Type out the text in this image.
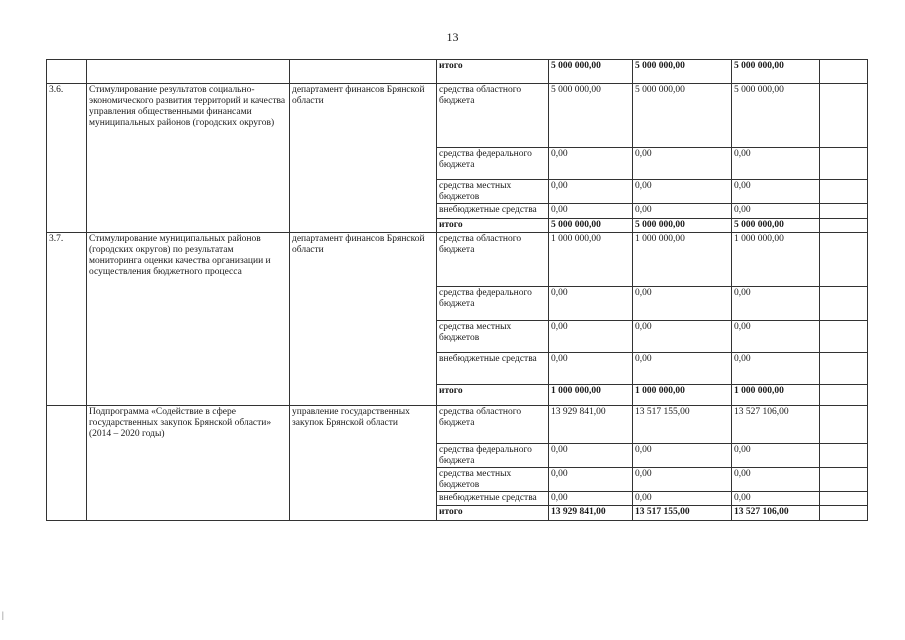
13
			итого	5 000 000,00	5 000 000,00	5 000 000,00	
3.6.	Стимулирование результатов социально-экономического развития территорий и качества управления общественными финансами муниципальных районов (городских округов)	департамент финансов Брянской области	средства областного бюджета	5 000 000,00	5 000 000,00	5 000 000,00	
			средства федерального бюджета	0,00	0,00	0,00	
			средства местных бюджетов	0,00	0,00	0,00	
			внебюджетные средства	0,00	0,00	0,00	
			итого	5 000 000,00	5 000 000,00	5 000 000,00	
3.7.	Стимулирование муниципальных районов (городских округов) по результатам мониторинга оценки качества организации и осуществления бюджетного процесса	департамент финансов Брянской области	средства областного бюджета	1 000 000,00	1 000 000,00	1 000 000,00	
			средства федерального бюджета	0,00	0,00	0,00	
			средства местных бюджетов	0,00	0,00	0,00	
			внебюджетные средства	0,00	0,00	0,00	
			итого	1 000 000,00	1 000 000,00	1 000 000,00	
	Подпрограмма «Содействие в сфере государственных закупок Брянской области» (2014 – 2020 годы)	управление государственных закупок Брянской области	средства областного бюджета	13 929 841,00	13 517 155,00	13 527 106,00	
			средства федерального бюджета	0,00	0,00	0,00	
			средства местных бюджетов	0,00	0,00	0,00	
			внебюджетные средства	0,00	0,00	0,00	
			итого	13 929 841,00	13 517 155,00	13 527 106,00	
|
